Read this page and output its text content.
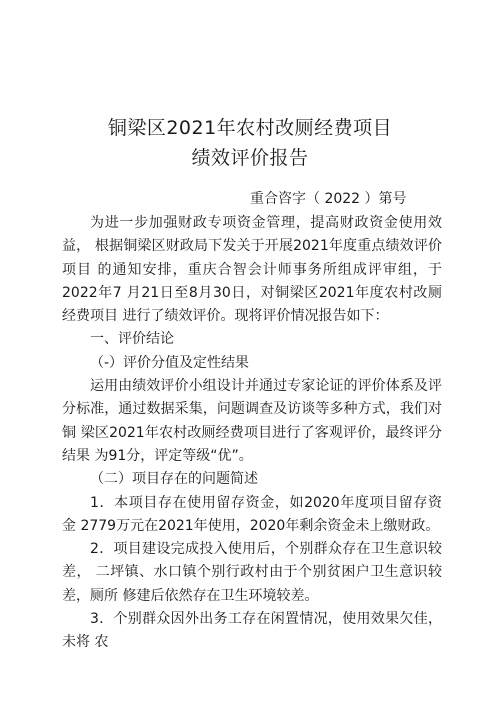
铜梁区2021年农村改厕经费项目
绩效评价报告
重合咨字（ 2022 ）第号

为进一步加强财政专项资金管理，提高财政资金使用效益， 根据铜梁区财政局下发关于开展2021年度重点绩效评价项目 的通知安排，重庆合智会计师事务所组成评审组，于2022年7 月21日至8月30日，对铜梁区2021年度农村改厕经费项目 进行了绩效评价。现将评价情况报告如下：

一、评价结论

（-）评价分值及定性结果

运用由绩效评价小组设计并通过专家论证的评价体系及评 分标准，通过数据采集，问题调查及访谈等多种方式，我们对铜 梁区2021年农村改厕经费项目进行了客观评价，最终评分结果 为91分，评定等级“优”。

（二）项目存在的问题简述

1．本项目存在使用留存资金，如2020年度项目留存资金 2779万元在2021年使用，2020年剩余资金未上缴财政。

2．项目建设完成投入使用后，个别群众存在卫生意识较差， 二坪镇、水口镇个别行政村由于个别贫困户卫生意识较差，厕所 修建后依然存在卫生环境较差。

3．个别群众因外出务工存在闲置情况，使用效果欠佳，未将 农
